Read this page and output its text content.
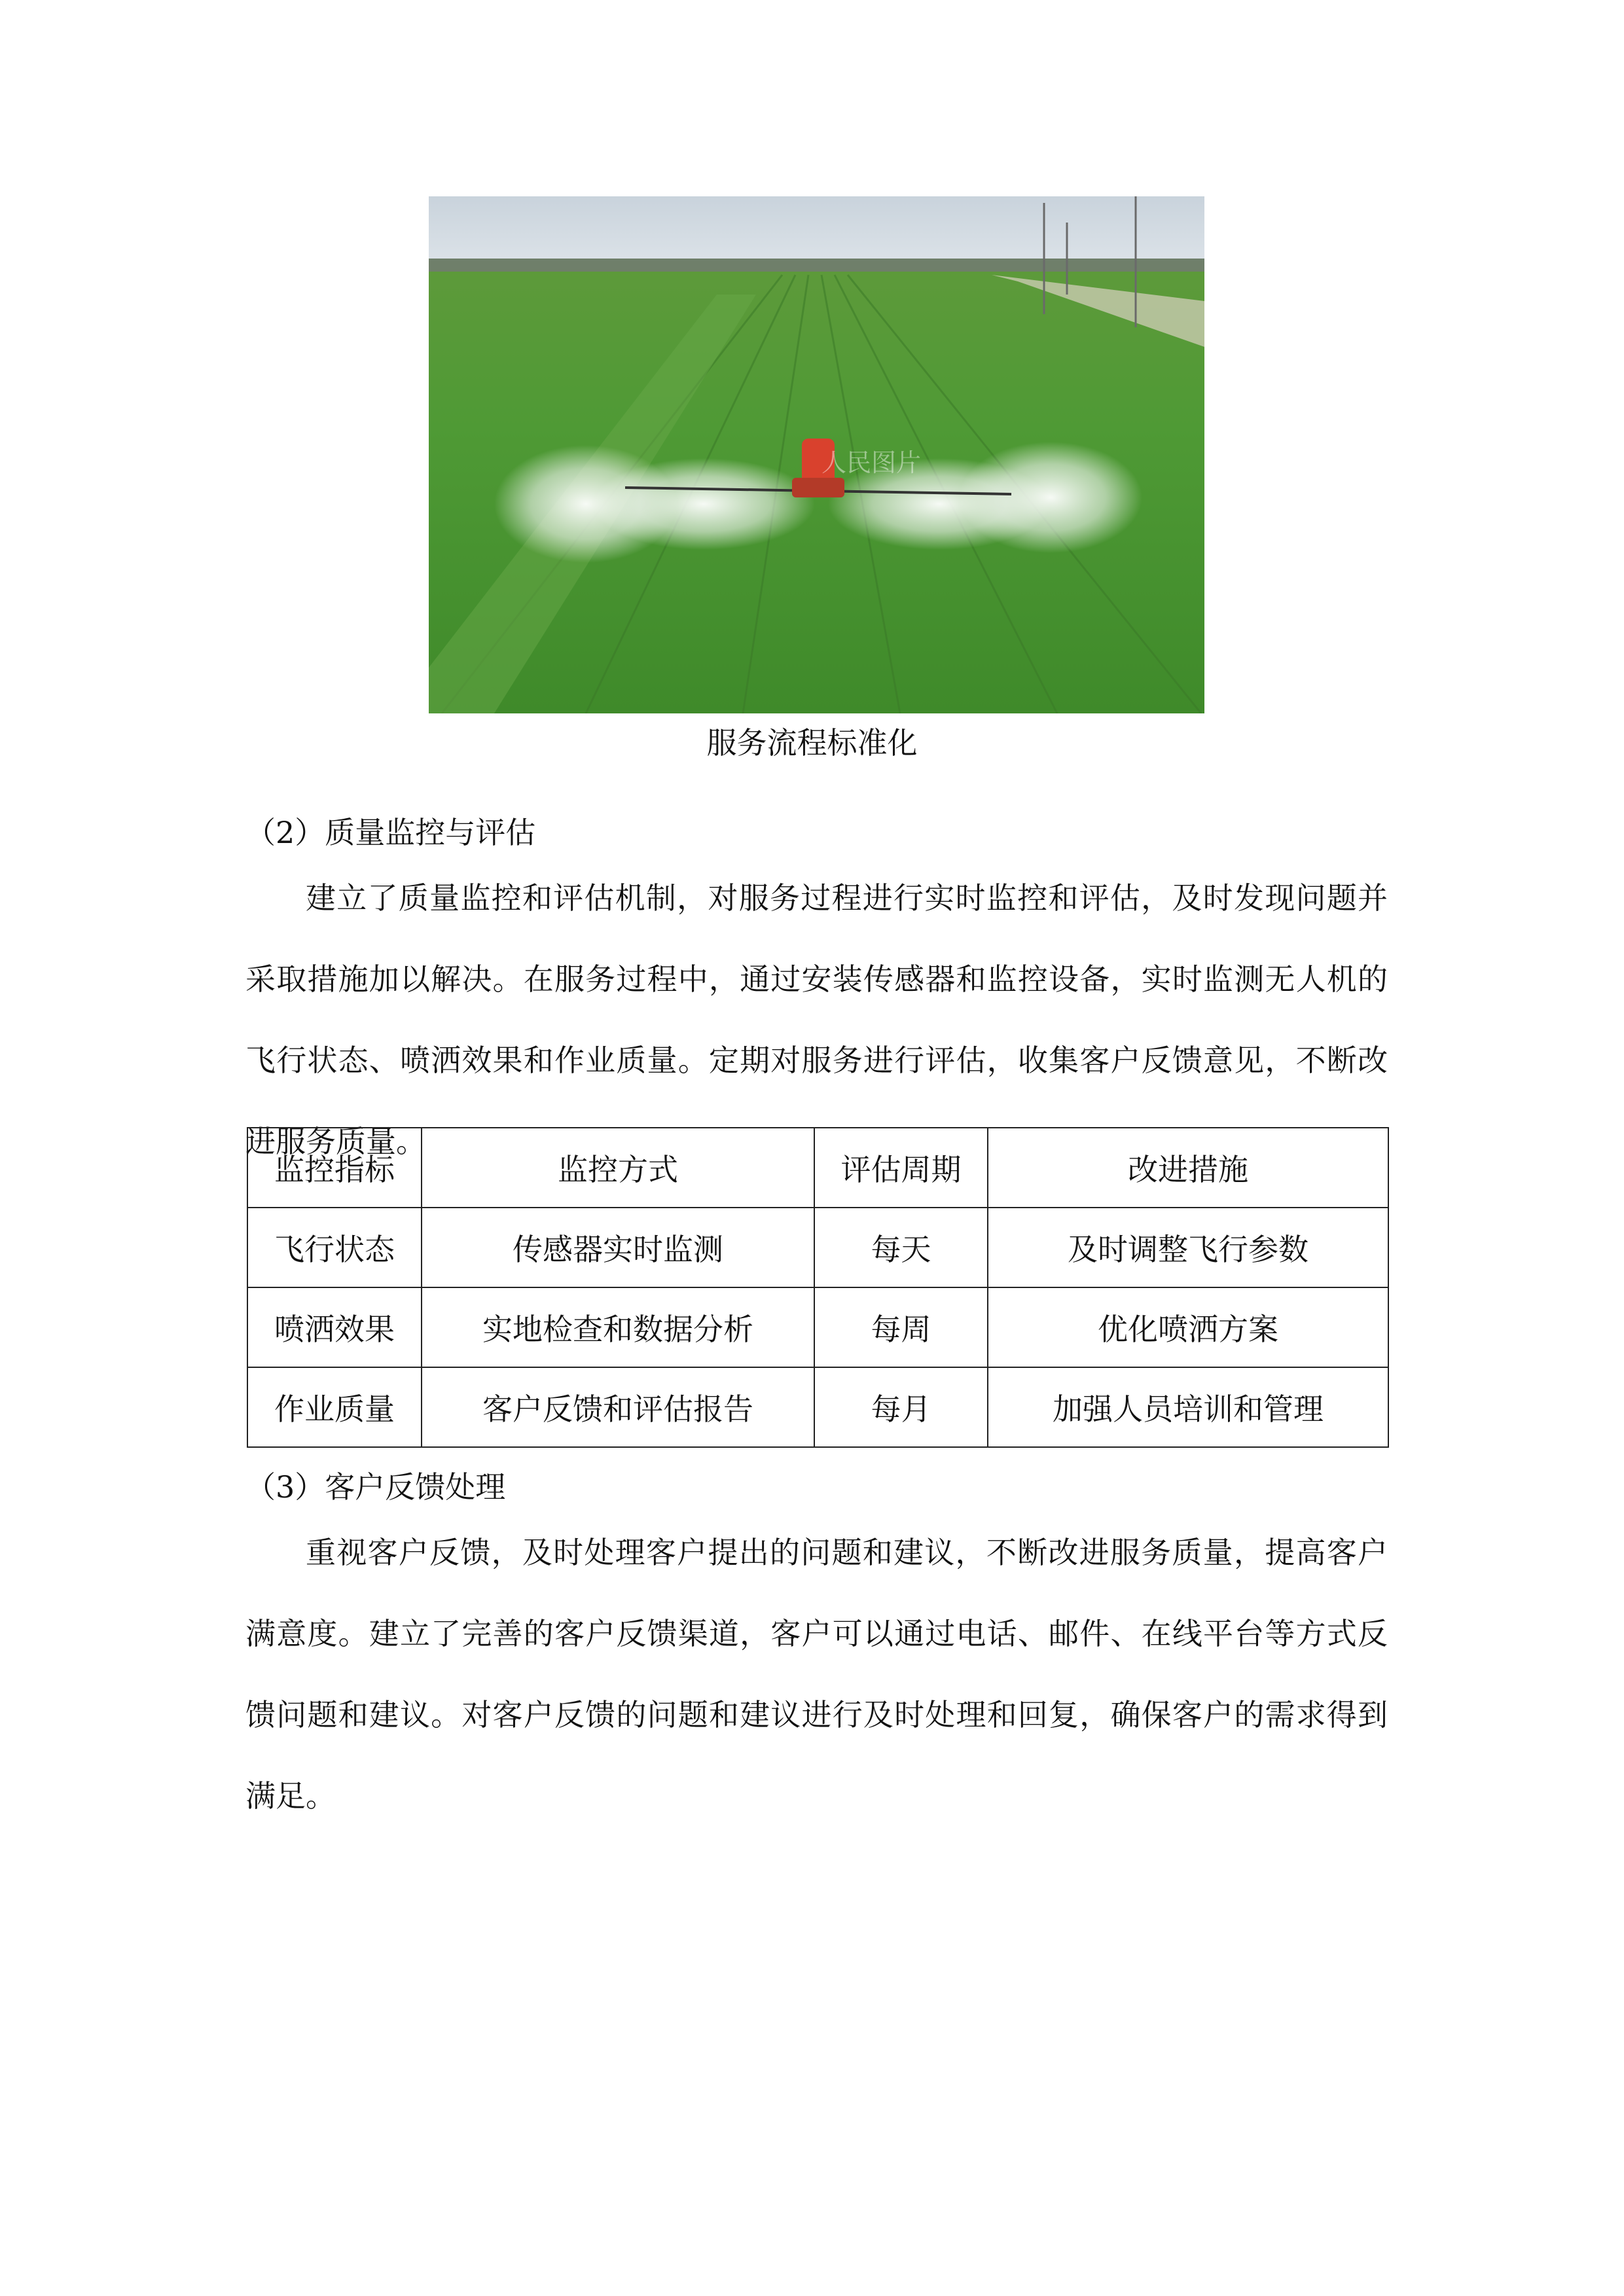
人民图片
服务流程标准化
（2）质量监控与评估
建立了质量监控和评估机制，对服务过程进行实时监控和评估，及时发现问题并采取措施加以解决。在服务过程中，通过安装传感器和监控设备，实时监测无人机的飞行状态、喷洒效果和作业质量。定期对服务进行评估，收集客户反馈意见，不断改进服务质量。
监控指标	监控方式	评估周期	改进措施
飞行状态	传感器实时监测	每天	及时调整飞行参数
喷洒效果	实地检查和数据分析	每周	优化喷洒方案
作业质量	客户反馈和评估报告	每月	加强人员培训和管理
（3）客户反馈处理
重视客户反馈，及时处理客户提出的问题和建议，不断改进服务质量，提高客户满意度。建立了完善的客户反馈渠道，客户可以通过电话、邮件、在线平台等方式反馈问题和建议。对客户反馈的问题和建议进行及时处理和回复，确保客户的需求得到满足。
